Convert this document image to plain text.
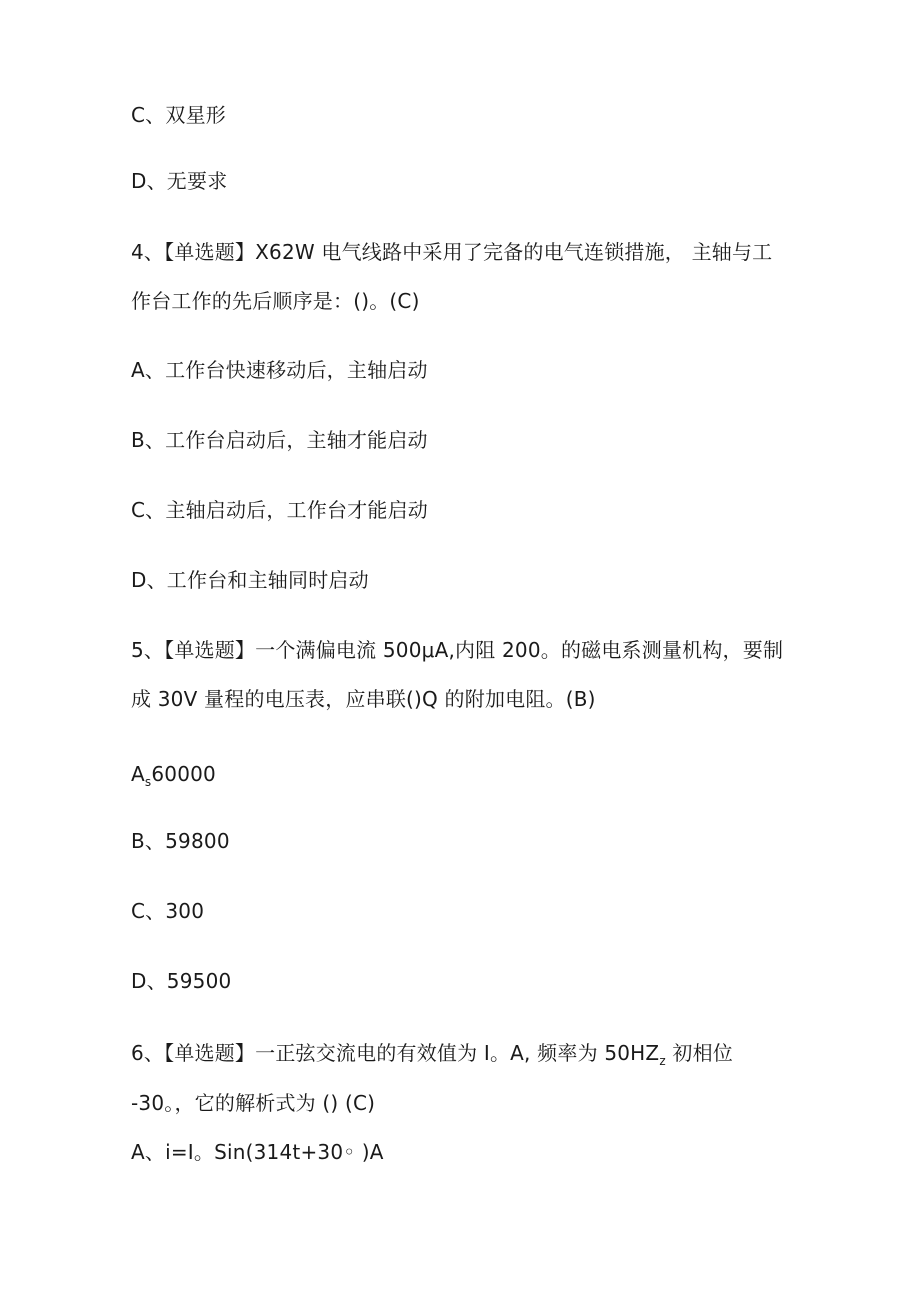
C、双星形
D、无要求
4、【单选题】X62W 电气线路中采用了完备的电气连锁措施， 主轴与工
作台工作的先后顺序是：()。(C)
A、工作台快速移动后，主轴启动
B、工作台启动后，主轴才能启动
C、主轴启动后，工作台才能启动
D、工作台和主轴同时启动
5、【单选题】一个满偏电流 500μA,内阻 200。的磁电系测量机构，要制
成 30V 量程的电压表，应串联()Q 的附加电阻。(B)
$A_s60000$
B、59800
C、300
D、59500
6、【单选题】一正弦交流电的有效值为 I。A, 频率为 $50HZ_z$ 初相位
-30。，它的解析式为 () (C)
A、i=I。Sin(314t+30◦ )A
